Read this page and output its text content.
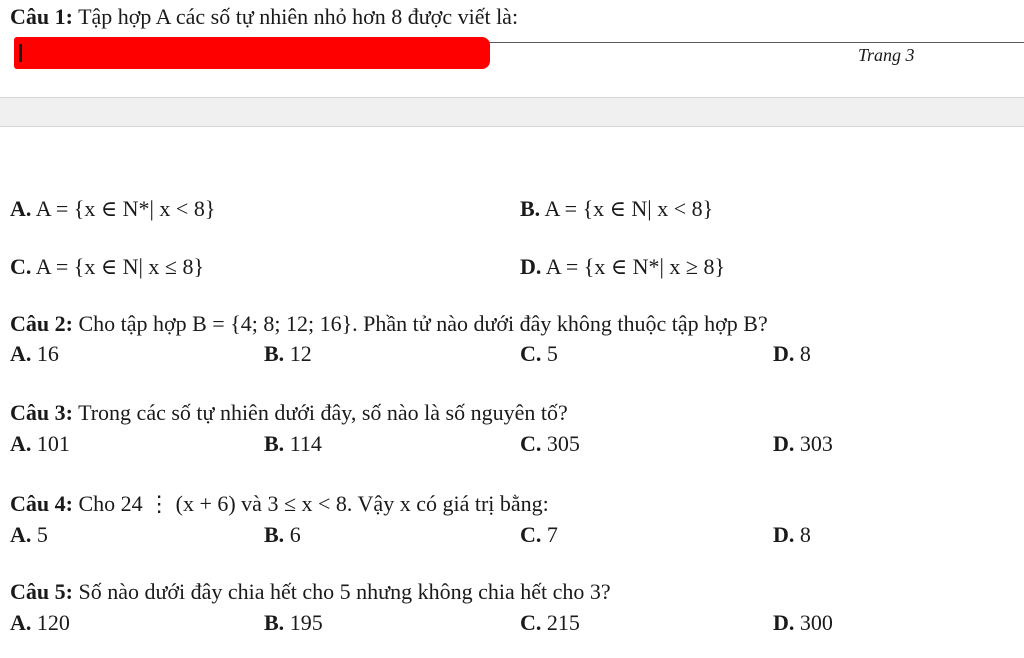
Câu 1: Tập hợp A các số tự nhiên nhỏ hơn 8 được viết là:
Trang 3
A. A = {x ∈ N*| x < 8}	B. A = {x ∈ N| x < 8}
C. A = {x ∈ N| x ≤ 8}	D. A = {x ∈ N*| x ≥ 8}
Câu 2: Cho tập hợp B = {4; 8; 12; 16}. Phần tử nào dưới đây không thuộc tập hợp B?
A. 16	B. 12	C. 5	D. 8
Câu 3: Trong các số tự nhiên dưới đây, số nào là số nguyên tố?
A. 101	B. 114	C. 305	D. 303
Câu 4: Cho 24 ⋮ (x + 6) và 3 ≤ x < 8. Vậy x có giá trị bằng:
A. 5	B. 6	C. 7	D. 8
Câu 5: Số nào dưới đây chia hết cho 5 nhưng không chia hết cho 3?
A. 120	B. 195	C. 215	D. 300
